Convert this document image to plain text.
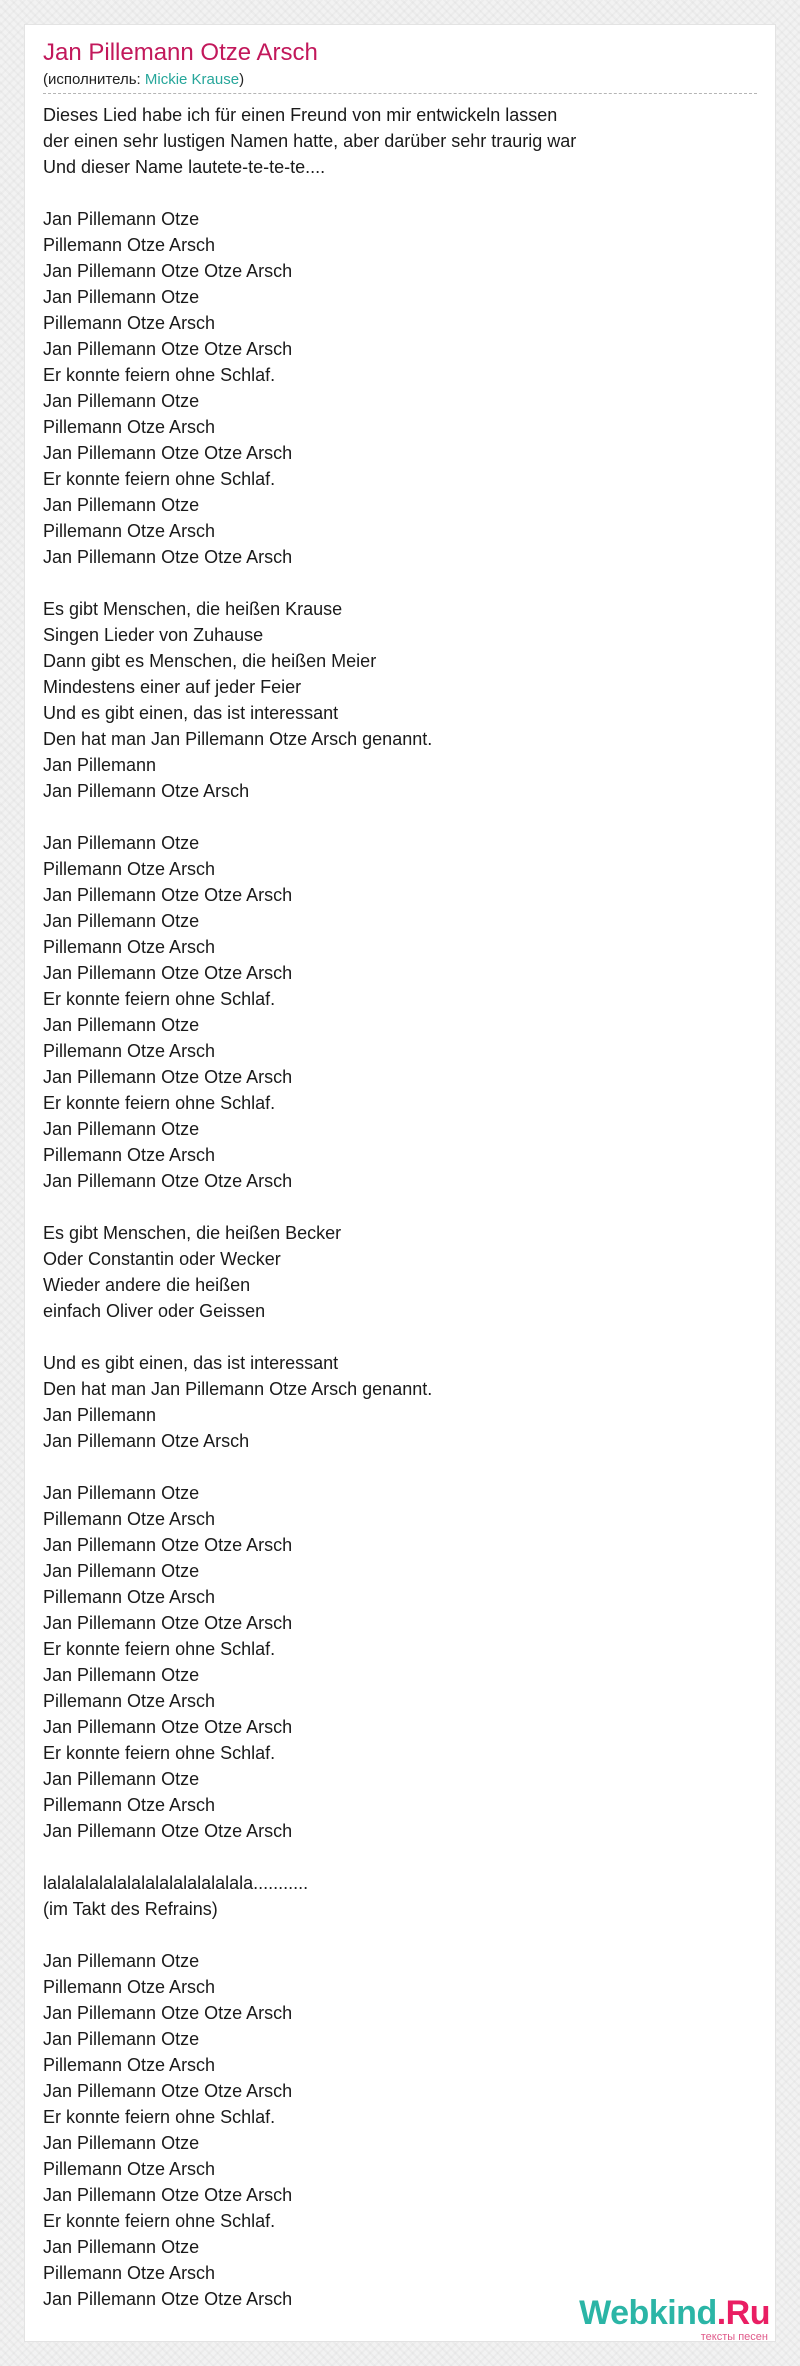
Jan Pillemann Otze Arsch
(исполнитель: Mickie Krause)
Dieses Lied habe ich für einen Freund von mir entwickeln lassen
der einen sehr lustigen Namen hatte, aber darüber sehr traurig war
Und dieser Name lautete-te-te-te....
Jan Pillemann Otze
Pillemann Otze Arsch
Jan Pillemann Otze Otze Arsch
Jan Pillemann Otze
Pillemann Otze Arsch
Jan Pillemann Otze Otze Arsch
Er konnte feiern ohne Schlaf.
Jan Pillemann Otze
Pillemann Otze Arsch
Jan Pillemann Otze Otze Arsch
Er konnte feiern ohne Schlaf.
Jan Pillemann Otze
Pillemann Otze Arsch
Jan Pillemann Otze Otze Arsch
Es gibt Menschen, die heißen Krause
Singen Lieder von Zuhause
Dann gibt es Menschen, die heißen Meier
Mindestens einer auf jeder Feier
Und es gibt einen, das ist interessant
Den hat man Jan Pillemann Otze Arsch genannt.
Jan Pillemann
Jan Pillemann Otze Arsch
Jan Pillemann Otze
Pillemann Otze Arsch
Jan Pillemann Otze Otze Arsch
Jan Pillemann Otze
Pillemann Otze Arsch
Jan Pillemann Otze Otze Arsch
Er konnte feiern ohne Schlaf.
Jan Pillemann Otze
Pillemann Otze Arsch
Jan Pillemann Otze Otze Arsch
Er konnte feiern ohne Schlaf.
Jan Pillemann Otze
Pillemann Otze Arsch
Jan Pillemann Otze Otze Arsch
Es gibt Menschen, die heißen Becker
Oder Constantin oder Wecker
Wieder andere die heißen
einfach Oliver oder Geissen
Und es gibt einen, das ist interessant
Den hat man Jan Pillemann Otze Arsch genannt.
Jan Pillemann
Jan Pillemann Otze Arsch
Jan Pillemann Otze
Pillemann Otze Arsch
Jan Pillemann Otze Otze Arsch
Jan Pillemann Otze
Pillemann Otze Arsch
Jan Pillemann Otze Otze Arsch
Er konnte feiern ohne Schlaf.
Jan Pillemann Otze
Pillemann Otze Arsch
Jan Pillemann Otze Otze Arsch
Er konnte feiern ohne Schlaf.
Jan Pillemann Otze
Pillemann Otze Arsch
Jan Pillemann Otze Otze Arsch
lalalalalalalalalalalalalalala...........
(im Takt des Refrains)
Jan Pillemann Otze
Pillemann Otze Arsch
Jan Pillemann Otze Otze Arsch
Jan Pillemann Otze
Pillemann Otze Arsch
Jan Pillemann Otze Otze Arsch
Er konnte feiern ohne Schlaf.
Jan Pillemann Otze
Pillemann Otze Arsch
Jan Pillemann Otze Otze Arsch
Er konnte feiern ohne Schlaf.
Jan Pillemann Otze
Pillemann Otze Arsch
Jan Pillemann Otze Otze Arsch	Webkind.Ru
тексты песен
